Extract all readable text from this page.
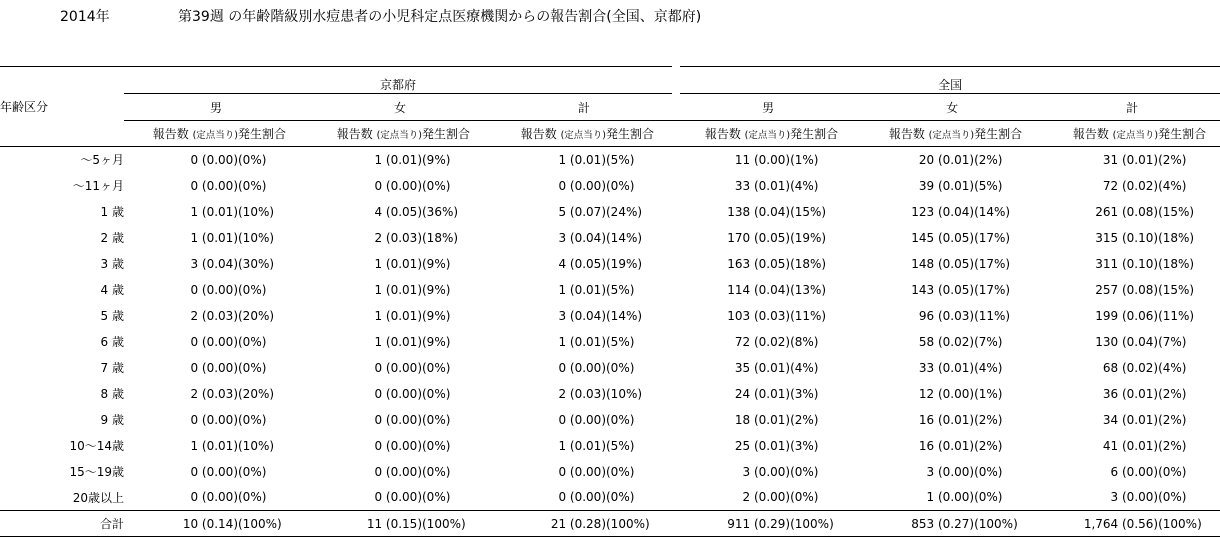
2014年	第39週 の年齢階級別水痘患者の小児科定点医療機関からの報告割合(全国、京都府)
年齢区分	京都府						全国					
	男		女		計		男		女		計	
	報告数 (定点当り)	発生割合	報告数 (定点当り)	発生割合	報告数 (定点当り)	発生割合	報告数 (定点当り)	発生割合	報告数 (定点当り)	発生割合	報告数 (定点当り)	発生割合
～5ヶ月	0 (0.00)	(0%)	1 (0.01)	(9%)	1 (0.01)	(5%)	11 (0.00)	(1%)	20 (0.01)	(2%)	31 (0.01)	(2%)
～11ヶ月	0 (0.00)	(0%)	0 (0.00)	(0%)	0 (0.00)	(0%)	33 (0.01)	(4%)	39 (0.01)	(5%)	72 (0.02)	(4%)
1 歳	1 (0.01)	(10%)	4 (0.05)	(36%)	5 (0.07)	(24%)	138 (0.04)	(15%)	123 (0.04)	(14%)	261 (0.08)	(15%)
2 歳	1 (0.01)	(10%)	2 (0.03)	(18%)	3 (0.04)	(14%)	170 (0.05)	(19%)	145 (0.05)	(17%)	315 (0.10)	(18%)
3 歳	3 (0.04)	(30%)	1 (0.01)	(9%)	4 (0.05)	(19%)	163 (0.05)	(18%)	148 (0.05)	(17%)	311 (0.10)	(18%)
4 歳	0 (0.00)	(0%)	1 (0.01)	(9%)	1 (0.01)	(5%)	114 (0.04)	(13%)	143 (0.05)	(17%)	257 (0.08)	(15%)
5 歳	2 (0.03)	(20%)	1 (0.01)	(9%)	3 (0.04)	(14%)	103 (0.03)	(11%)	96 (0.03)	(11%)	199 (0.06)	(11%)
6 歳	0 (0.00)	(0%)	1 (0.01)	(9%)	1 (0.01)	(5%)	72 (0.02)	(8%)	58 (0.02)	(7%)	130 (0.04)	(7%)
7 歳	0 (0.00)	(0%)	0 (0.00)	(0%)	0 (0.00)	(0%)	35 (0.01)	(4%)	33 (0.01)	(4%)	68 (0.02)	(4%)
8 歳	2 (0.03)	(20%)	0 (0.00)	(0%)	2 (0.03)	(10%)	24 (0.01)	(3%)	12 (0.00)	(1%)	36 (0.01)	(2%)
9 歳	0 (0.00)	(0%)	0 (0.00)	(0%)	0 (0.00)	(0%)	18 (0.01)	(2%)	16 (0.01)	(2%)	34 (0.01)	(2%)
10～14歳	1 (0.01)	(10%)	0 (0.00)	(0%)	1 (0.01)	(5%)	25 (0.01)	(3%)	16 (0.01)	(2%)	41 (0.01)	(2%)
15～19歳	0 (0.00)	(0%)	0 (0.00)	(0%)	0 (0.00)	(0%)	3 (0.00)	(0%)	3 (0.00)	(0%)	6 (0.00)	(0%)
20歳以上	0 (0.00)	(0%)	0 (0.00)	(0%)	0 (0.00)	(0%)	2 (0.00)	(0%)	1 (0.00)	(0%)	3 (0.00)	(0%)
合計	10 (0.14)	(100%)	11 (0.15)	(100%)	21 (0.28)	(100%)	911 (0.29)	(100%)	853 (0.27)	(100%)	1,764 (0.56)	(100%)
